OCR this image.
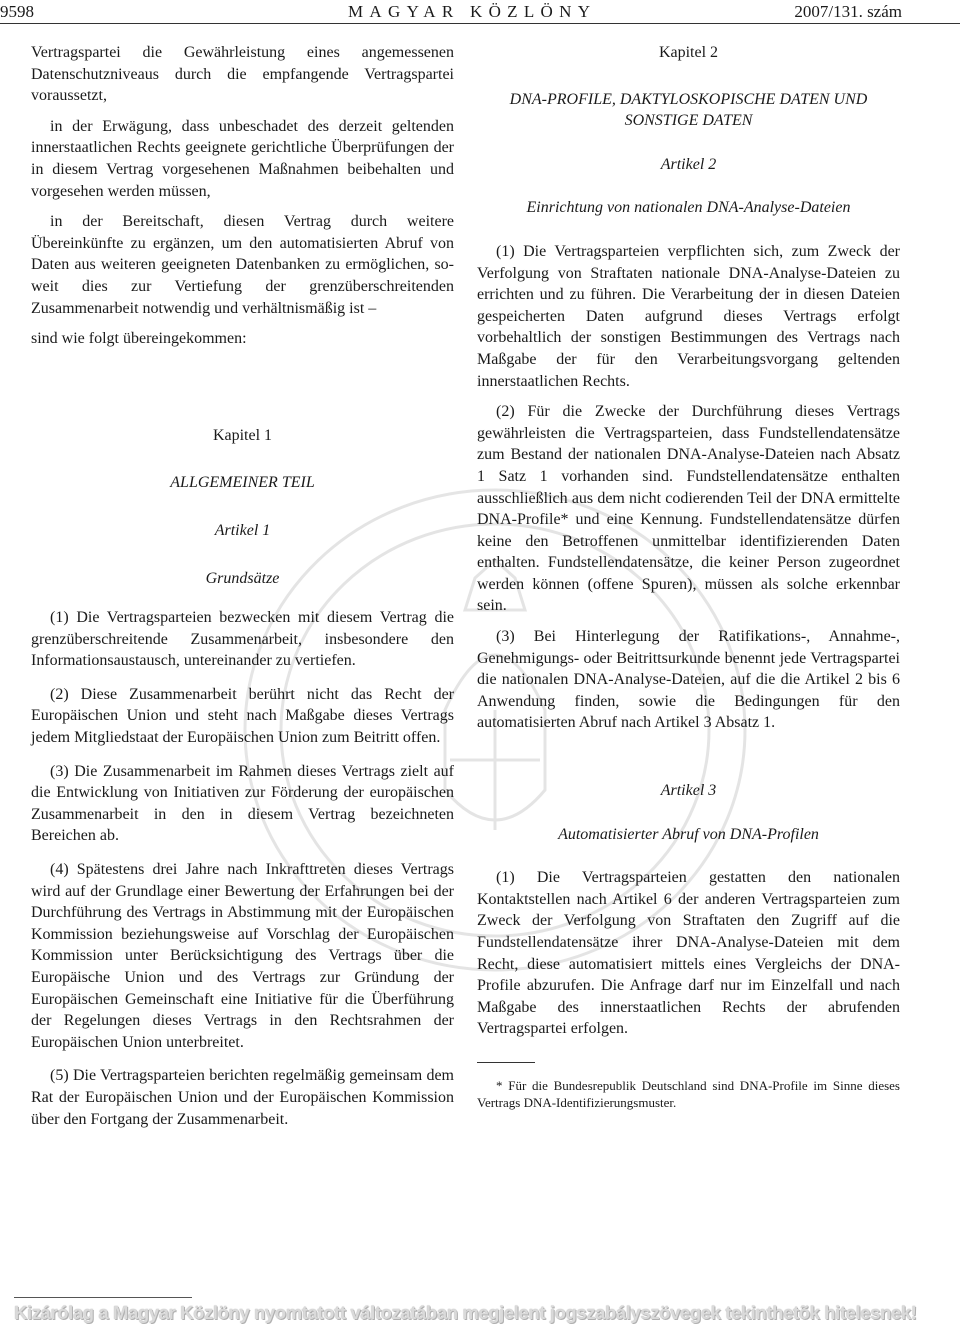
9598	MAGYAR KÖZLÖNY	2007/131. szám

Vertragspartei die Gewährleistung eines angemessenen Datenschutzniveaus durch die empfangende Vertragspartei voraussetzt,

in der Erwägung, dass unbeschadet des derzeit geltenden innerstaatlichen Rechts geeignete gerichtliche Überprüfungen der in diesem Vertrag vorgesehenen Maßnahmen beibehalten und vorgesehen werden müssen,

in der Bereitschaft, diesen Vertrag durch weitere Übereinkünfte zu ergänzen, um den automatisierten Abruf von Daten aus weiteren geeigneten Datenbanken zu ermöglichen, so-weit dies zur Vertiefung der grenzüberschreitenden Zusammenarbeit notwendig und verhältnismäßig ist –

sind wie folgt übereingekommen:

Kapitel 1

ALLGEMEINER TEIL

Artikel 1

Grundsätze

(1) Die Vertragsparteien bezwecken mit diesem Vertrag die grenzüberschreitende Zusammenarbeit, insbesondere den Informationsaustausch, untereinander zu vertiefen.

(2) Diese Zusammenarbeit berührt nicht das Recht der Europäischen Union und steht nach Maßgabe dieses Vertrags jedem Mitgliedstaat der Europäischen Union zum Beitritt offen.

(3) Die Zusammenarbeit im Rahmen dieses Vertrags zielt auf die Entwicklung von Initiativen zur Förderung der europäischen Zusammenarbeit in den in diesem Vertrag bezeichneten Bereichen ab.

(4) Spätestens drei Jahre nach Inkrafttreten dieses Vertrags wird auf der Grundlage einer Bewertung der Erfahrungen bei der Durchführung des Vertrags in Abstimmung mit der Europäischen Kommission beziehungsweise auf Vorschlag der Europäischen Kommission unter Berücksichtigung des Vertrags über die Europäische Union und des Vertrags zur Gründung der Europäischen Gemeinschaft eine Initiative für die Überführung der Regelungen dieses Vertrags in den Rechtsrahmen der Europäischen Union unterbreitet.

(5) Die Vertragsparteien berichten regelmäßig gemeinsam dem Rat der Europäischen Union und der Europäischen Kommission über den Fortgang der Zusammenarbeit.

Kapitel 2

DNA-PROFILE, DAKTYLOSKOPISCHE DATEN UND SONSTIGE DATEN

Artikel 2

Einrichtung von nationalen DNA-Analyse-Dateien

(1) Die Vertragsparteien verpflichten sich, zum Zweck der Verfolgung von Straftaten nationale DNA-Analyse-Dateien zu errichten und zu führen. Die Verarbeitung der in diesen Dateien gespeicherten Daten aufgrund dieses Vertrags erfolgt vorbehaltlich der sonstigen Bestimmungen des Vertrags nach Maßgabe der für den Verarbeitungsvorgang geltenden innerstaatlichen Rechts.

(2) Für die Zwecke der Durchführung dieses Vertrags gewährleisten die Vertragsparteien, dass Fundstellendatensätze zum Bestand der nationalen DNA-Analyse-Dateien nach Absatz 1 Satz 1 vorhanden sind. Fundstellendatensätze enthalten ausschließlich aus dem nicht codierenden Teil der DNA ermittelte DNA-Profile* und eine Kennung. Fundstellendatensätze dürfen keine den Betroffenen unmittelbar identifizierenden Daten enthalten. Fundstellendatensätze, die keiner Person zugeordnet werden können (offene Spuren), müssen als solche erkennbar sein.

(3) Bei Hinterlegung der Ratifikations-, Annahme-, Genehmigungs- oder Beitrittsurkunde benennt jede Vertragspartei die nationalen DNA-Analyse-Dateien, auf die die Artikel 2 bis 6 Anwendung finden, sowie die Bedingungen für den automatisierten Abruf nach Artikel 3 Absatz 1.

Artikel 3

Automatisierter Abruf von DNA-Profilen

(1) Die Vertragsparteien gestatten den nationalen Kontaktstellen nach Artikel 6 der anderen Vertragsparteien zum Zweck der Verfolgung von Straftaten den Zugriff auf die Fundstellendatensätze ihrer DNA-Analyse-Dateien mit dem Recht, diese automatisiert mittels eines Vergleichs der DNA-Profile abzurufen. Die Anfrage darf nur im Einzelfall und nach Maßgabe des innerstaatlichen Rechts der abrufenden Vertragspartei erfolgen.

* Für die Bundesrepublik Deutschland sind DNA-Profile im Sinne dieses Vertrags DNA-Identifizierungsmuster.

Kizárólag a Magyar Közlöny nyomtatott változatában megjelent jogszabályszövegek tekinthetõk hitelesnek!
